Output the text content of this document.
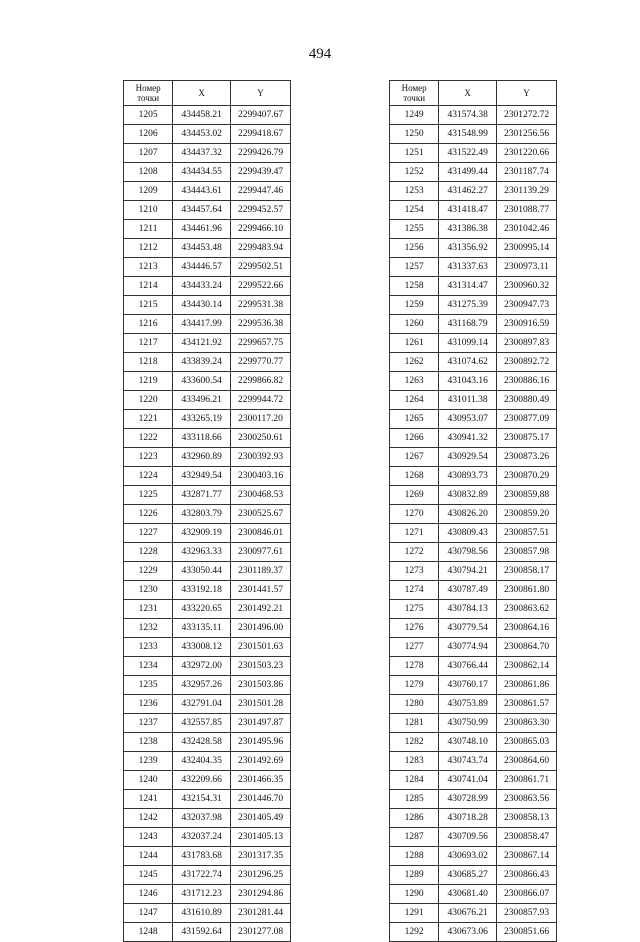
494
Номер
точки	X	Y
1205	434458.21	2299407.67
1206	434453.02	2299418.67
1207	434437.32	2299426.79
1208	434434.55	2299439.47
1209	434443.61	2299447.46
1210	434457.64	2299452.57
1211	434461.96	2299466.10
1212	434453.48	2299483.94
1213	434446.57	2299502.51
1214	434433.24	2299522.66
1215	434430.14	2299531.38
1216	434417.99	2299536.38
1217	434121.92	2299657.75
1218	433839.24	2299770.77
1219	433600.54	2299866.82
1220	433496.21	2299944.72
1221	433265.19	2300117.20
1222	433118.66	2300250.61
1223	432960.89	2300392.93
1224	432949.54	2300403.16
1225	432871.77	2300468.53
1226	432803.79	2300525.67
1227	432909.19	2300846.01
1228	432963.33	2300977.61
1229	433050.44	2301189.37
1230	433192.18	2301441.57
1231	433220.65	2301492.21
1232	433135.11	2301496.00
1233	433008.12	2301501.63
1234	432972.00	2301503.23
1235	432957.26	2301503.86
1236	432791.04	2301501.28
1237	432557.85	2301497.87
1238	432428.58	2301495.96
1239	432404.35	2301492.69
1240	432209.66	2301466.35
1241	432154.31	2301446.70
1242	432037.98	2301405.49
1243	432037.24	2301405.13
1244	431783.68	2301317.35
1245	431722.74	2301296.25
1246	431712.23	2301294.86
1247	431610.89	2301281.44
1248	431592.64	2301277.08
Номер
точки	X	Y
1249	431574.38	2301272.72
1250	431548.99	2301256.56
1251	431522.49	2301220.66
1252	431499.44	2301187.74
1253	431462.27	2301139.29
1254	431418.47	2301088.77
1255	431386.38	2301042.46
1256	431356.92	2300995.14
1257	431337.63	2300973.11
1258	431314.47	2300960.32
1259	431275.39	2300947.73
1260	431168.79	2300916.59
1261	431099.14	2300897.83
1262	431074.62	2300892.72
1263	431043.16	2300886.16
1264	431011.38	2300880.49
1265	430953.07	2300877.09
1266	430941.32	2300875.17
1267	430929.54	2300873.26
1268	430893.73	2300870.29
1269	430832.89	2300859.88
1270	430826.20	2300859.20
1271	430809.43	2300857.51
1272	430798.56	2300857.98
1273	430794.21	2300858.17
1274	430787.49	2300861.80
1275	430784.13	2300863.62
1276	430779.54	2300864.16
1277	430774.94	2300864.70
1278	430766.44	2300862.14
1279	430760.17	2300861.86
1280	430753.89	2300861.57
1281	430750.99	2300863.30
1282	430748.10	2300865.03
1283	430743.74	2300864.60
1284	430741.04	2300861.71
1285	430728.99	2300863.56
1286	430718.28	2300858.13
1287	430709.56	2300858.47
1288	430693.02	2300867.14
1289	430685.27	2300866.43
1290	430681.40	2300866.07
1291	430676.21	2300857.93
1292	430673.06	2300851.66
